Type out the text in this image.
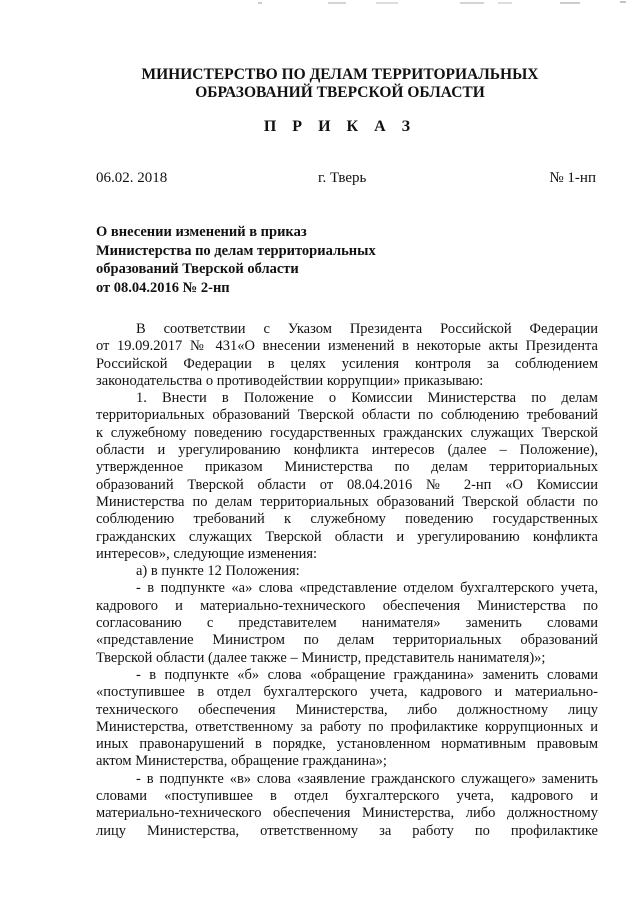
МИНИСТЕРСТВО ПО ДЕЛАМ ТЕРРИТОРИАЛЬНЫХ
ОБРАЗОВАНИЙ ТВЕРСКОЙ ОБЛАСТИ
П Р И К А З
06.02. 2018	г. Тверь	№ 1-нп
О внесении изменений в приказ
Министерства по делам территориальных
образований Тверской области
от 08.04.2016 № 2-нп
В соответствии с Указом Президента Российской Федерации
от 19.09.2017 № 431«О внесении изменений в некоторые акты Президента
Российской Федерации в целях усиления контроля за соблюдением
законодательства о противодействии коррупции» приказываю:
1. Внести в Положение о Комиссии Министерства по делам
территориальных образований Тверской области по соблюдению требований
к служебному поведению государственных гражданских служащих Тверской
области и урегулированию конфликта интересов (далее – Положение),
утвержденное приказом Министерства по делам территориальных
образований Тверской области от 08.04.2016 № 2-нп «О Комиссии
Министерства по делам территориальных образований Тверской области по
соблюдению требований к служебному поведению государственных
гражданских служащих Тверской области и урегулированию конфликта
интересов», следующие изменения:
а) в пункте 12 Положения:
- в подпункте «а» слова «представление отделом бухгалтерского учета,
кадрового и материально-технического обеспечения Министерства по
согласованию с представителем нанимателя» заменить словами
«представление Министром по делам территориальных образований
Тверской области (далее также – Министр, представитель нанимателя)»;
- в подпункте «б» слова «обращение гражданина» заменить словами
«поступившее в отдел бухгалтерского учета, кадрового и материально-
технического обеспечения Министерства, либо должностному лицу
Министерства, ответственному за работу по профилактике коррупционных и
иных правонарушений в порядке, установленном нормативным правовым
актом Министерства, обращение гражданина»;
- в подпункте «в» слова «заявление гражданского служащего» заменить
словами «поступившее в отдел бухгалтерского учета, кадрового и
материально-технического обеспечения Министерства, либо должностному
лицу Министерства, ответственному за работу по профилактике
